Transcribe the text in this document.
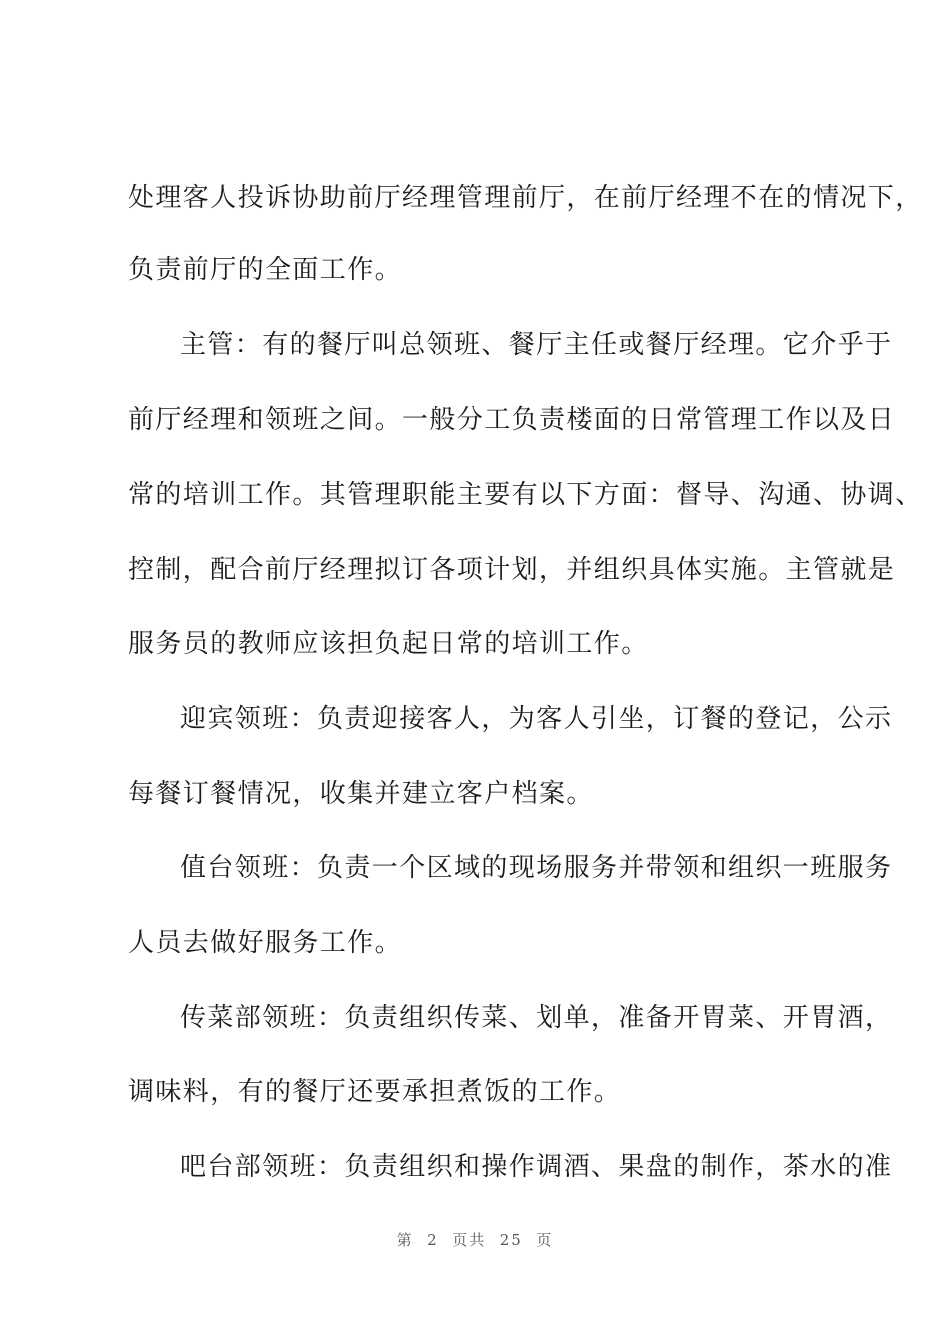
处理客人投诉协助前厅经理管理前厅，在前厅经理不在的情况下，
负责前厅的全面工作。
主管：有的餐厅叫总领班、餐厅主任或餐厅经理。它介乎于
前厅经理和领班之间。一般分工负责楼面的日常管理工作以及日
常的培训工作。其管理职能主要有以下方面：督导、沟通、协调、
控制，配合前厅经理拟订各项计划，并组织具体实施。主管就是
服务员的教师应该担负起日常的培训工作。
迎宾领班：负责迎接客人，为客人引坐，订餐的登记，公示
每餐订餐情况，收集并建立客户档案。
值台领班：负责一个区域的现场服务并带领和组织一班服务
人员去做好服务工作。
传菜部领班：负责组织传菜、划单，准备开胃菜、开胃酒，
调味料，有的餐厅还要承担煮饭的工作。
吧台部领班：负责组织和操作调酒、果盘的制作，茶水的准
第  2  页共  25  页
